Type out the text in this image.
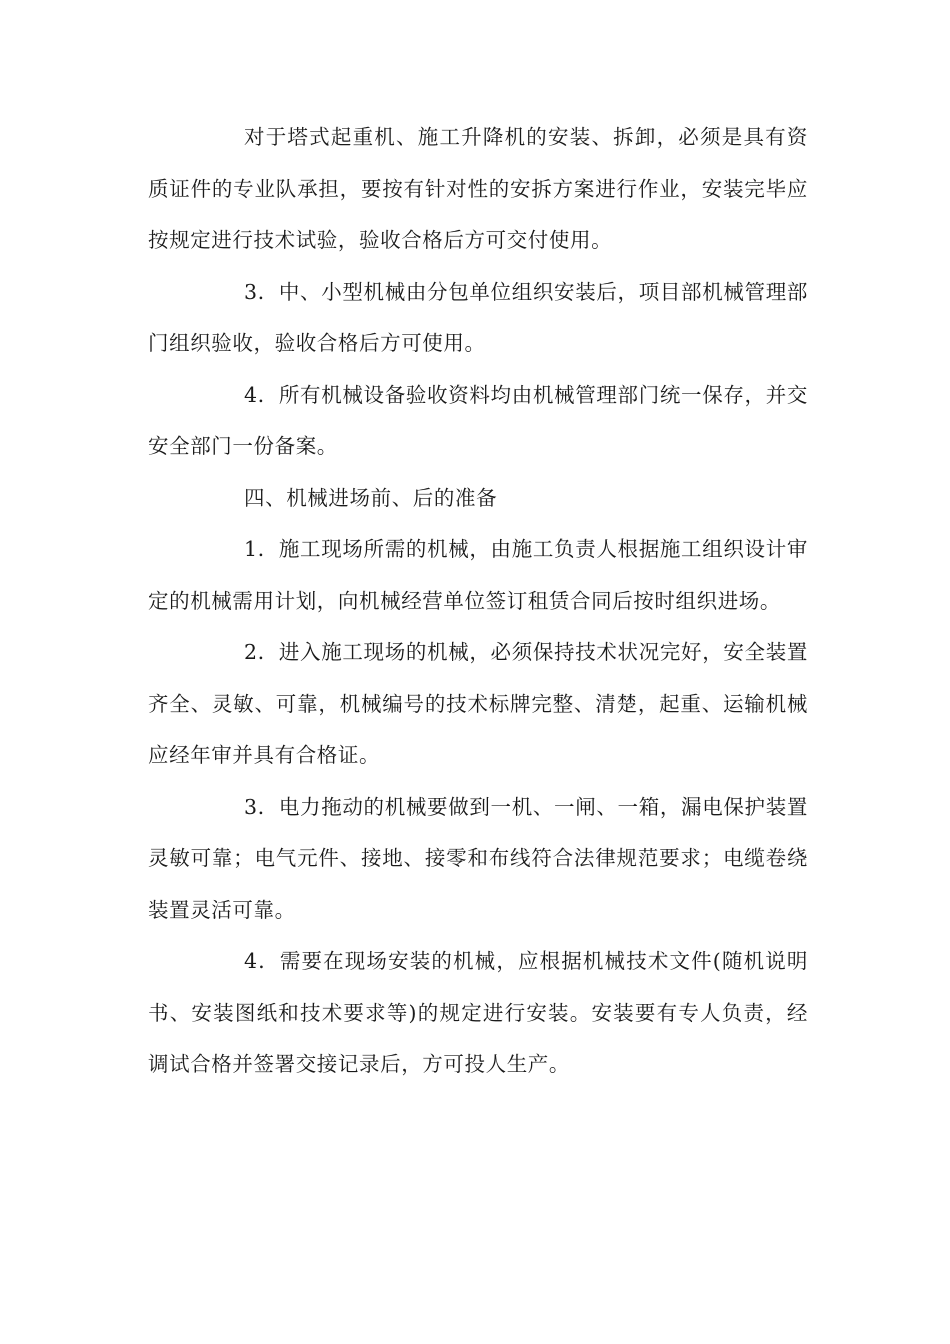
对于塔式起重机、施工升降机的安装、拆卸，必须是具有资质证件的专业队承担，要按有针对性的安拆方案进行作业，安装完毕应按规定进行技术试验，验收合格后方可交付使用。

3．中、小型机械由分包单位组织安装后，项目部机械管理部门组织验收，验收合格后方可使用。

4．所有机械设备验收资料均由机械管理部门统一保存，并交安全部门一份备案。

四、机械进场前、后的准备

1．施工现场所需的机械，由施工负责人根据施工组织设计审定的机械需用计划，向机械经营单位签订租赁合同后按时组织进场。

2．进入施工现场的机械，必须保持技术状况完好，安全装置齐全、灵敏、可靠，机械编号的技术标牌完整、清楚，起重、运输机械应经年审并具有合格证。

3．电力拖动的机械要做到一机、一闸、一箱，漏电保护装置灵敏可靠；电气元件、接地、接零和布线符合法律规范要求；电缆卷绕装置灵活可靠。

4．需要在现场安装的机械，应根据机械技术文件(随机说明书、安装图纸和技术要求等)的规定进行安装。安装要有专人负责，经调试合格并签署交接记录后，方可投人生产。
